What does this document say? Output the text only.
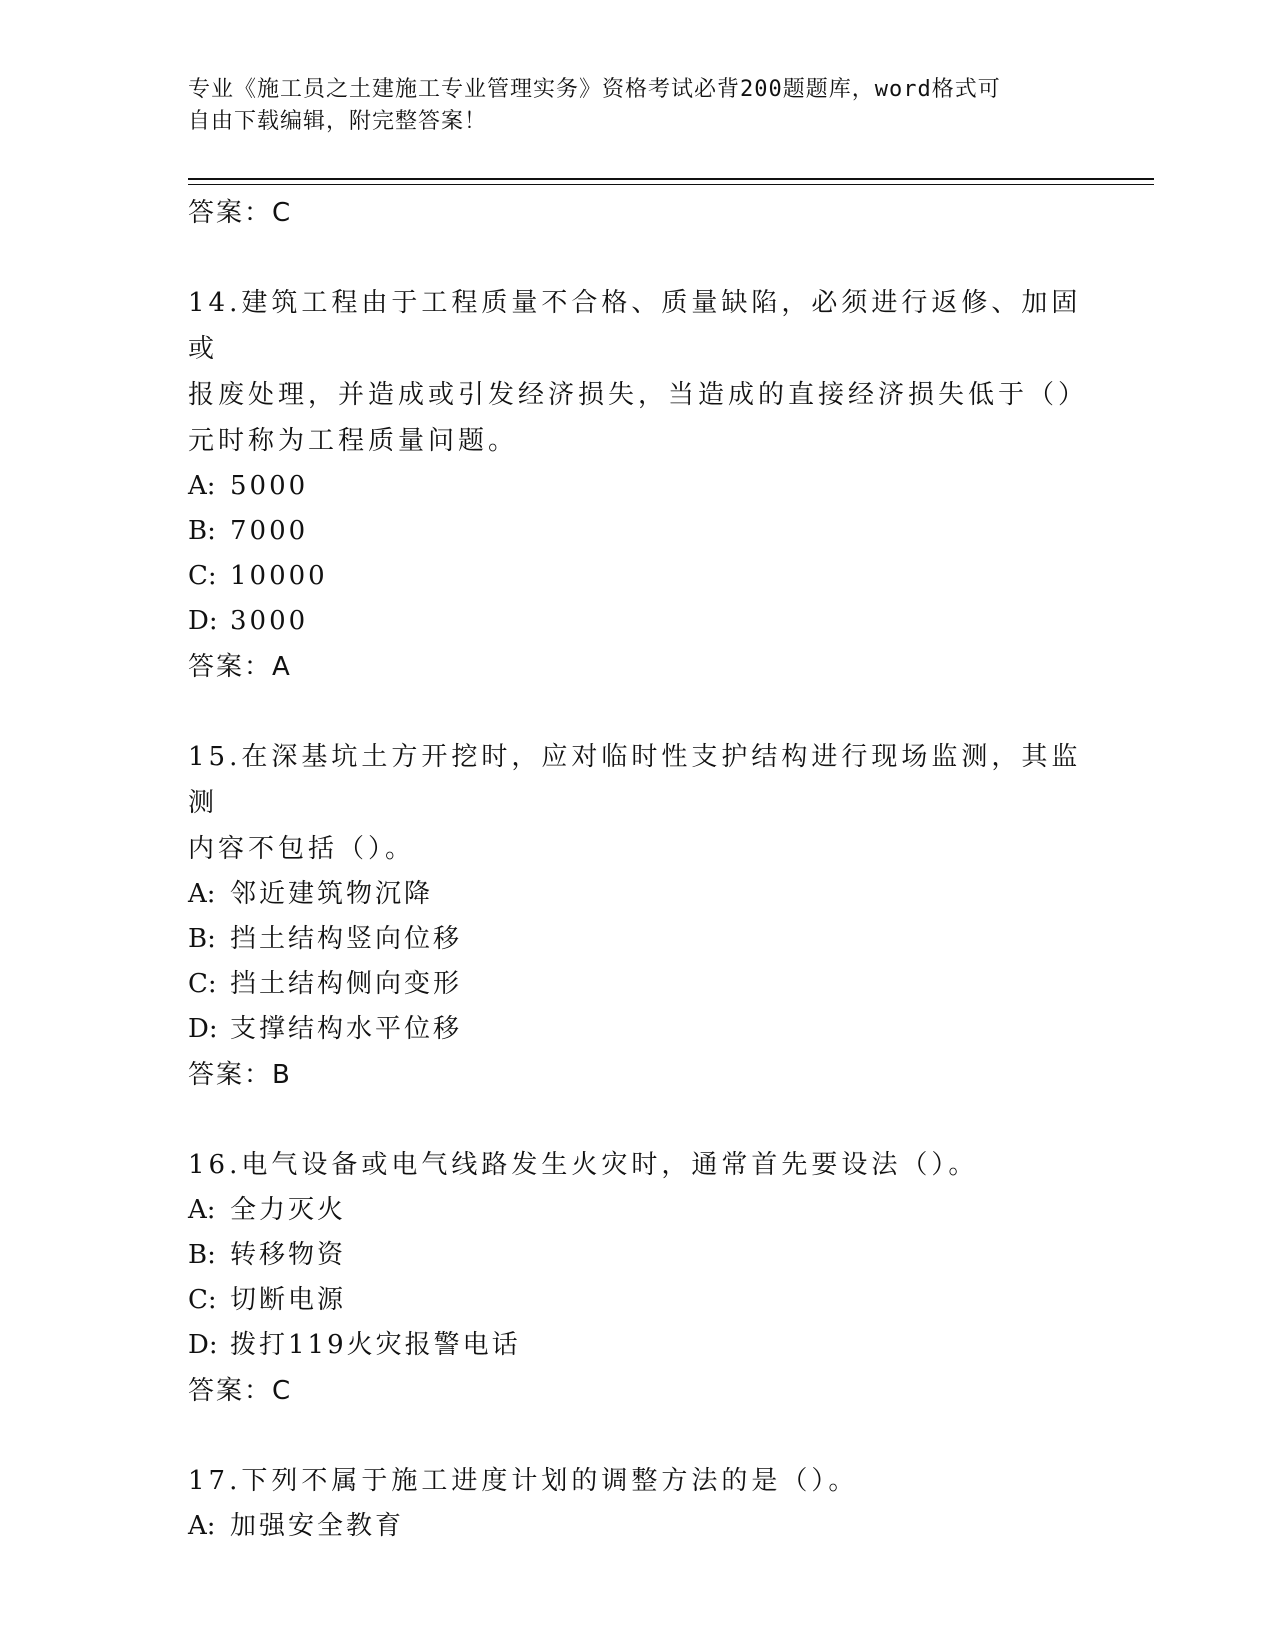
专业《施工员之土建施工专业管理实务》资格考试必背200题题库，word格式可
自由下载编辑，附完整答案！

答案：C

14.建筑工程由于工程质量不合格、质量缺陷，必须进行返修、加固或

报废处理，并造成或引发经济损失，当造成的直接经济损失低于（）

元时称为工程质量问题。

A: 5000

B: 7000

C: 10000

D: 3000

答案：A

15.在深基坑土方开挖时，应对临时性支护结构进行现场监测，其监测

内容不包括（）。

A: 邻近建筑物沉降

B: 挡土结构竖向位移

C: 挡土结构侧向变形

D: 支撑结构水平位移

答案：B

16.电气设备或电气线路发生火灾时，通常首先要设法（）。

A: 全力灭火

B: 转移物资

C: 切断电源

D: 拨打119火灾报警电话

答案：C

17.下列不属于施工进度计划的调整方法的是（）。

A: 加强安全教育
